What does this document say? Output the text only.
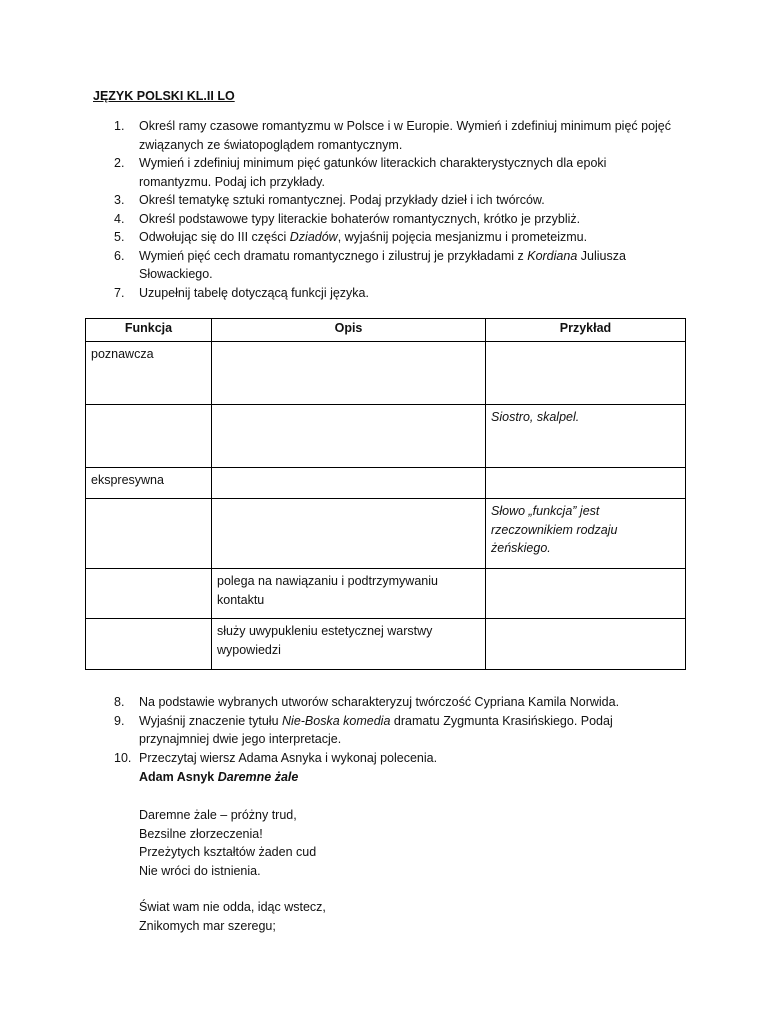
JĘZYK POLSKI KL.II LO
1. Określ ramy czasowe romantyzmu w Polsce i w Europie. Wymień i zdefiniuj minimum pięć pojęć związanych ze światopoglądem romantycznym.
2. Wymień i zdefiniuj minimum pięć gatunków literackich charakterystycznych dla epoki romantyzmu. Podaj ich przykłady.
3. Określ tematykę sztuki romantycznej. Podaj przykłady dzieł i ich twórców.
4. Określ podstawowe typy literackie bohaterów romantycznych, krótko je przybliż.
5. Odwołując się do III części Dziadów, wyjaśnij pojęcia mesjanizmu i prometeizmu.
6. Wymień pięć cech dramatu romantycznego i zilustruj je przykładami z Kordiana Juliusza Słowackiego.
7. Uzupełnij tabelę dotyczącą funkcji języka.
Funkcja	Opis	Przykład
poznawcza		
		Siostro, skalpel.
ekspresywna		
		Słowo „funkcja” jest rzeczownikiem rodzaju żeńskiego.
	polega na nawiązaniu i podtrzymywaniu kontaktu	
	służy uwypukleniu estetycznej warstwy wypowiedzi	
8. Na podstawie wybranych utworów scharakteryzuj twórczość Cypriana Kamila Norwida.
9. Wyjaśnij znaczenie tytułu Nie-Boska komedia dramatu Zygmunta Krasińskiego. Podaj przynajmniej dwie jego interpretacje.
10. Przeczytaj wiersz Adama Asnyka i wykonaj polecenia.
Adam Asnyk Daremne żale
Daremne żale – próżny trud,
Bezsilne złorzeczenia!
Przeżytych kształtów żaden cud
Nie wróci do istnienia.
Świat wam nie odda, idąc wstecz,
Znikomych mar szeregu;
